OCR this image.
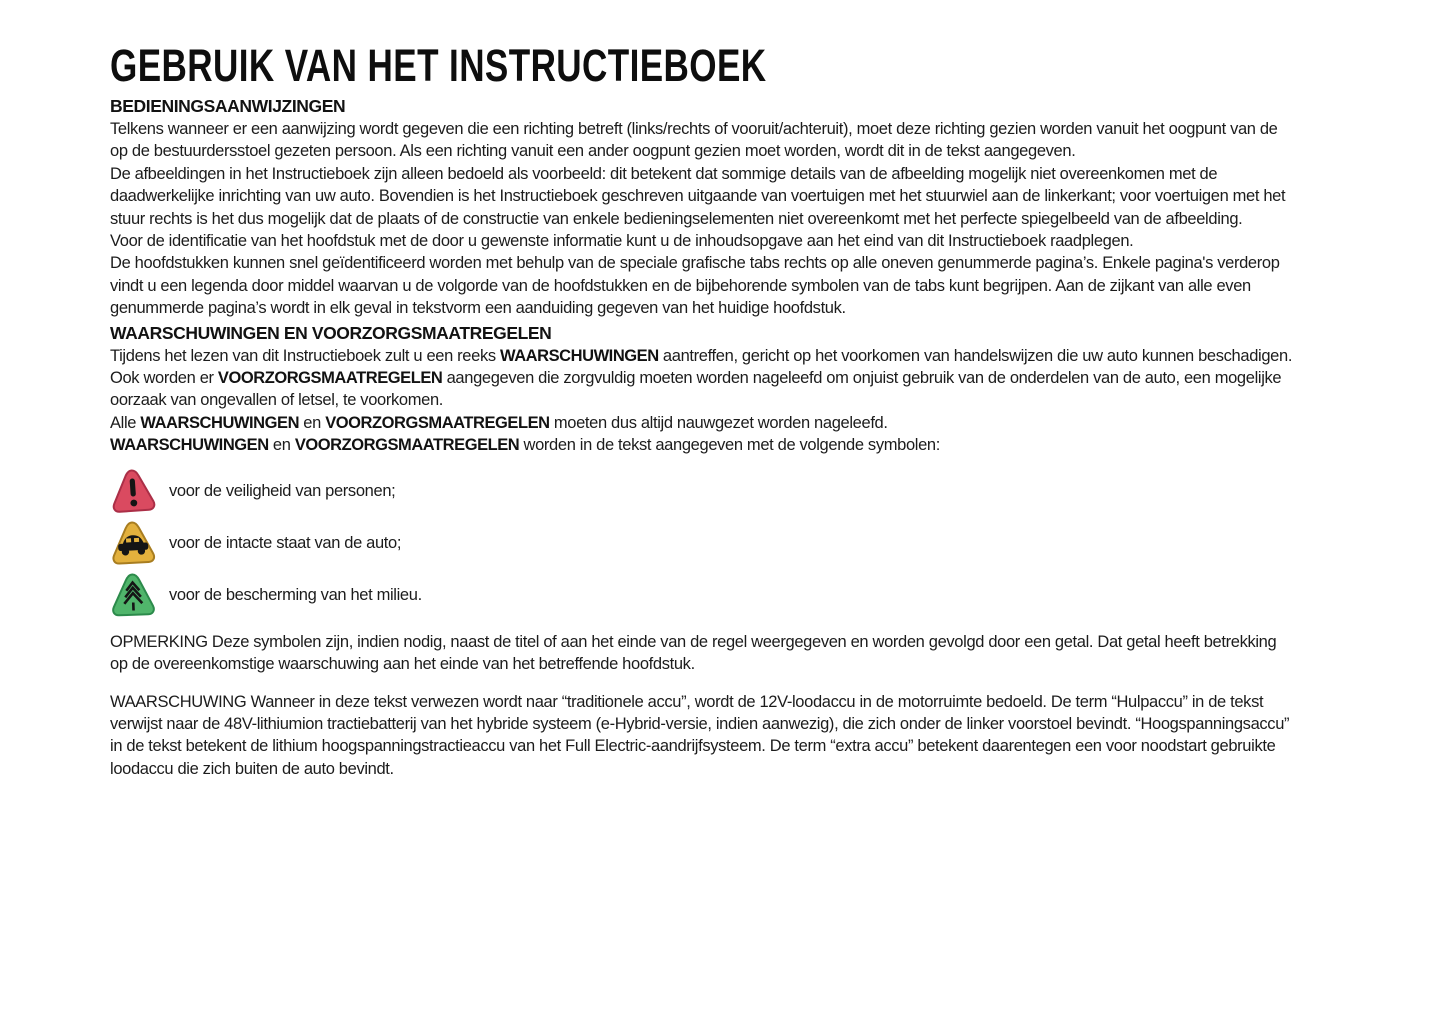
GEBRUIK VAN HET INSTRUCTIEBOEK
BEDIENINGSAANWIJZINGEN
Telkens wanneer er een aanwijzing wordt gegeven die een richting betreft (links/rechts of vooruit/achteruit), moet deze richting gezien worden vanuit het oogpunt van de op de bestuurdersstoel gezeten persoon. Als een richting vanuit een ander oogpunt gezien moet worden, wordt dit in de tekst aangegeven.
De afbeeldingen in het Instructieboek zijn alleen bedoeld als voorbeeld: dit betekent dat sommige details van de afbeelding mogelijk niet overeenkomen met de daadwerkelijke inrichting van uw auto. Bovendien is het Instructieboek geschreven uitgaande van voertuigen met het stuurwiel aan de linkerkant; voor voertuigen met het stuur rechts is het dus mogelijk dat de plaats of de constructie van enkele bedieningselementen niet overeenkomt met het perfecte spiegelbeeld van de afbeelding.
Voor de identificatie van het hoofdstuk met de door u gewenste informatie kunt u de inhoudsopgave aan het eind van dit Instructieboek raadplegen.
De hoofdstukken kunnen snel geïdentificeerd worden met behulp van de speciale grafische tabs rechts op alle oneven genummerde pagina’s. Enkele pagina's verderop vindt u een legenda door middel waarvan u de volgorde van de hoofdstukken en de bijbehorende symbolen van de tabs kunt begrijpen. Aan de zijkant van alle even genummerde pagina’s wordt in elk geval in tekstvorm een aanduiding gegeven van het huidige hoofdstuk.
WAARSCHUWINGEN EN VOORZORGSMAATREGELEN
Tijdens het lezen van dit Instructieboek zult u een reeks WAARSCHUWINGEN aantreffen, gericht op het voorkomen van handelswijzen die uw auto kunnen beschadigen.
Ook worden er VOORZORGSMAATREGELEN aangegeven die zorgvuldig moeten worden nageleefd om onjuist gebruik van de onderdelen van de auto, een mogelijke oorzaak van ongevallen of letsel, te voorkomen.
Alle WAARSCHUWINGEN en VOORZORGSMAATREGELEN moeten dus altijd nauwgezet worden nageleefd.
WAARSCHUWINGEN en VOORZORGSMAATREGELEN worden in de tekst aangegeven met de volgende symbolen:
voor de veiligheid van personen;
voor de intacte staat van de auto;
voor de bescherming van het milieu.
OPMERKING Deze symbolen zijn, indien nodig, naast de titel of aan het einde van de regel weergegeven en worden gevolgd door een getal. Dat getal heeft betrekking op de overeenkomstige waarschuwing aan het einde van het betreffende hoofdstuk.
WAARSCHUWING Wanneer in deze tekst verwezen wordt naar “traditionele accu”, wordt de 12V-loodaccu in de motorruimte bedoeld. De term “Hulpaccu” in de tekst verwijst naar de 48V-lithiumion tractiebatterij van het hybride systeem (e-Hybrid-versie, indien aanwezig), die zich onder de linker voorstoel bevindt. “Hoogspanningsaccu” in de tekst betekent de lithium hoogspanningstractieaccu van het Full Electric-aandrijfsysteem. De term “extra accu” betekent daarentegen een voor noodstart gebruikte loodaccu die zich buiten de auto bevindt.
